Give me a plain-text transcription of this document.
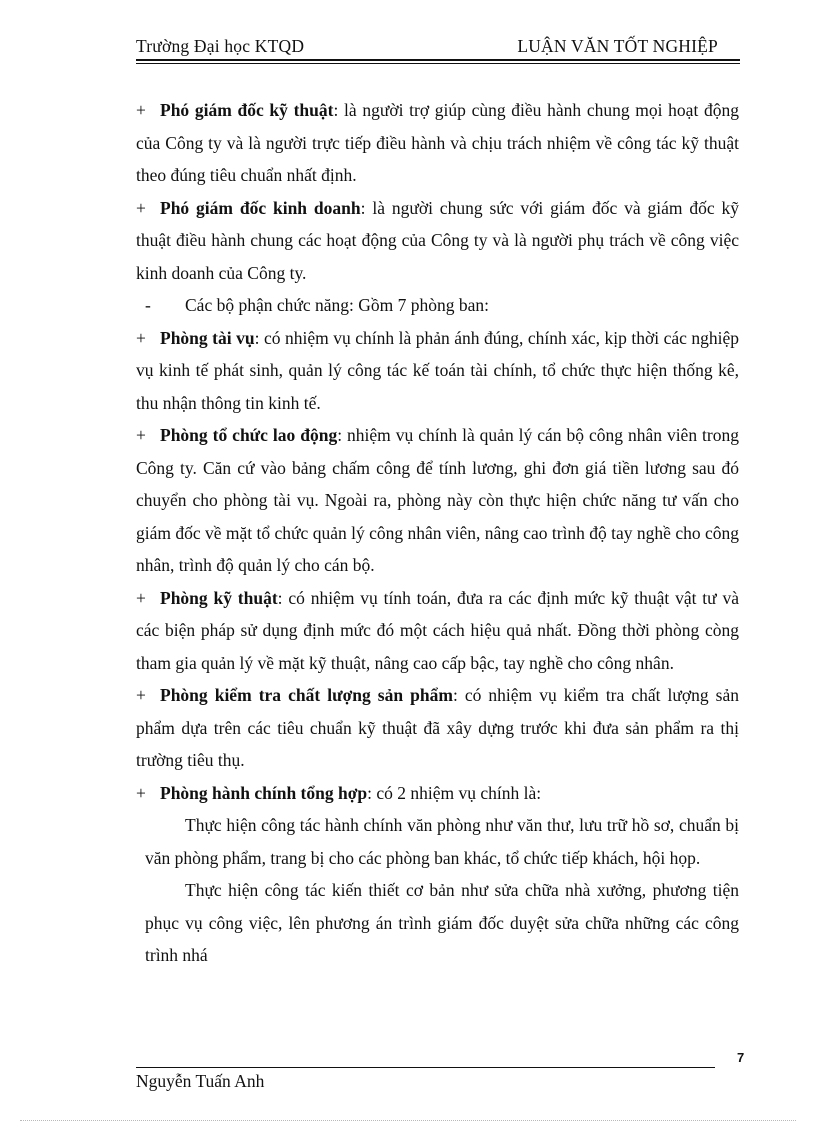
Trường Đại học KTQD	LUẬN VĂN TỐT NGHIỆP

+ Phó giám đốc kỹ thuật: là người trợ giúp cùng điều hành chung mọi hoạt động của Công ty và là người trực tiếp điều hành và chịu trách nhiệm về công tác kỹ thuật theo đúng tiêu chuẩn nhất định.

+ Phó giám đốc kinh doanh: là người chung sức với giám đốc và giám đốc kỹ thuật điều hành chung các hoạt động của Công ty và là người phụ trách về công việc kinh doanh của Công ty.

- Các bộ phận chức năng: Gồm 7 phòng ban:

+ Phòng tài vụ: có nhiệm vụ chính là phản ánh đúng, chính xác, kịp thời các nghiệp vụ kinh tế phát sinh, quản lý công tác kế toán tài chính, tổ chức thực hiện thống kê, thu nhận thông tin kinh tế.

+ Phòng tổ chức lao động: nhiệm vụ chính là quản lý cán bộ công nhân viên trong Công ty. Căn cứ vào bảng chấm công để tính lương, ghi đơn giá tiền lương sau đó chuyển cho phòng tài vụ. Ngoài ra, phòng này còn thực hiện chức năng tư vấn cho giám đốc về mặt tổ chức quản lý công nhân viên, nâng cao trình độ tay nghề cho công nhân, trình độ quản lý cho cán bộ.

+ Phòng kỹ thuật: có nhiệm vụ tính toán, đưa ra các định mức kỹ thuật vật tư và các biện pháp sử dụng định mức đó một cách hiệu quả nhất. Đồng thời phòng còng tham gia quản lý về mặt kỹ thuật, nâng cao cấp bậc, tay nghề cho công nhân.

+ Phòng kiểm tra chất lượng sản phẩm: có nhiệm vụ kiểm tra chất lượng sản phẩm dựa trên các tiêu chuẩn kỹ thuật đã xây dựng trước khi đưa sản phẩm ra thị trường tiêu thụ.

+ Phòng hành chính tổng hợp: có 2 nhiệm vụ chính là:

Thực hiện công tác hành chính văn phòng như văn thư, lưu trữ hồ sơ, chuẩn bị văn phòng phẩm, trang bị cho các phòng ban khác, tổ chức tiếp khách, hội họp.

Thực hiện công tác kiến thiết cơ bản như sửa chữa nhà xưởng, phương tiện phục vụ công việc, lên phương án trình giám đốc duyệt sửa chữa những các công trình nhá

7
Nguyễn Tuấn Anh
